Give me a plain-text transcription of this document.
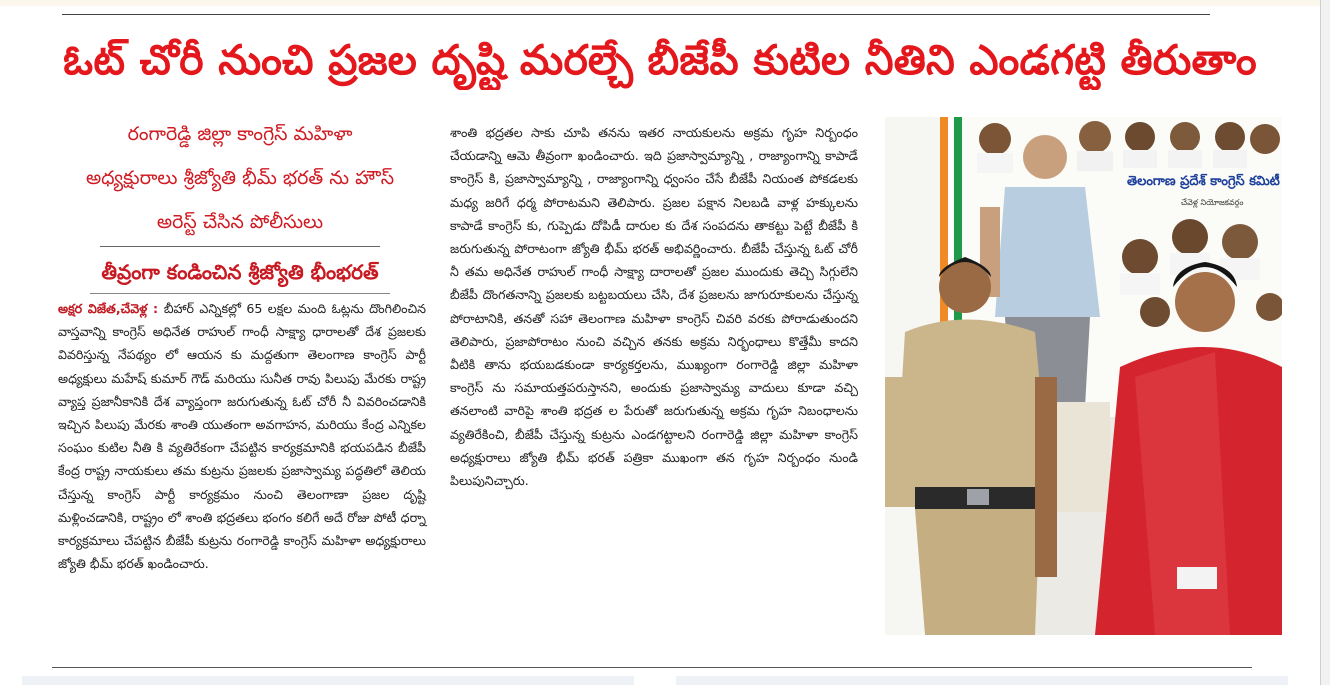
ఓట్ చోరీ నుంచి ప్రజల దృష్టి మరల్చే బీజేపీ కుటిల నీతిని ఎండగట్టి తీరుతాం
రంగారెడ్డి జిల్లా కాంగ్రెస్ మహిళా
అధ్యక్షురాలు శ్రీజ్యోతి భీమ్ భరత్ ను హౌస్
అరెస్ట్ చేసిన పోలీసులు
తీవ్రంగా కండించిన శ్రీజ్యోతి భీంభరత్

అక్షర విజేత,చేవెళ్ల : బీహార్ ఎన్నికల్లో 65 లక్షల మంది ఓట్లను దొంగిలించిన వాస్తవాన్ని కాంగ్రెస్ అధినేత రాహుల్ గాంధీ సాక్ష్యా ధారాలతో దేశ ప్రజలకు వివరిస్తున్న నేపథ్యం లో ఆయన కు మద్దతుగా తెలంగాణ కాంగ్రెస్ పార్టీ అధ్యక్షులు మహేష్ కుమార్ గౌడ్ మరియు సునీత రావు పిలుపు మేరకు రాష్ట్ర వ్యాప్త ప్రజానీకానికి దేశ వ్యాప్తంగా జరుగుతున్న ఓట్ చోరీ నీ వివరించడానికి ఇచ్చిన పిలుపు మేరకు శాంతి యుతంగా అవగాహన, మరియు కేంద్ర ఎన్నికల సంఘం కుటిల నీతి కి వ్యతిరేకంగా చేపట్టిన కార్యక్రమానికి భయపడిన బీజేపీ కేంద్ర రాష్ట్ర నాయకులు తమ కుట్రను ప్రజలకు ప్రజాస్వామ్య పద్ధతిలో తెలియ చేస్తున్న కాంగ్రెస్ పార్టీ కార్యక్రమం నుంచి తెలంగాణా ప్రజల దృష్టి మళ్లించడానికి, రాష్ట్రం లో శాంతి భద్రతలు భంగం కలిగే అదే రోజు పోటీ ధర్నా కార్యక్రమాలు చేపట్టిన బీజేపీ కుట్రను రంగారెడ్డి కాంగ్రెస్ మహిళా అధ్యక్షురాలు జ్యోతి భీమ్ భరత్ ఖండించారు.

శాంతి భద్రతల సాకు చూపి తనను ఇతర నాయకులను అక్రమ గృహ నిర్బంధం చేయడాన్ని ఆమె తీవ్రంగా ఖండించారు. ఇది ప్రజాస్వామ్యాన్ని , రాజ్యాంగాన్ని కాపాడే కాంగ్రెస్ కి, ప్రజాస్వామ్యాన్ని , రాజ్యాంగాన్ని ధ్వంసం చేసే బీజేపీ నియంత పోకడలకు మధ్య జరిగే ధర్మ పోరాటమని తెలిపారు. ప్రజల పక్షాన నిలబడి వాళ్ల హక్కులను కాపాడే కాంగ్రెస్ కు, గుప్పెడు దోపిడీ దారుల కు దేశ సంపదను తాకట్టు పెట్టే బీజేపీ కి జరుగుతున్న పోరాటంగా జ్యోతి భీమ్ భరత్ అభివర్ణించారు. బీజేపీ చేస్తున్న ఓట్ చోరీ నీ తమ అధినేత రాహుల్ గాంధీ సాక్ష్యా దారాలతో ప్రజల ముందుకు తెచ్చి సిగ్గులేని బీజేపీ దొంగతనాన్ని ప్రజలకు బట్టబయలు చేసి, దేశ ప్రజలను జాగురూకులను చేస్తున్న పోరాటానికి, తనతో సహా తెలంగాణ మహిళా కాంగ్రెస్ చివరి వరకు పోరాడుతుందని తెలిపారు, ప్రజాపోరాటం నుంచి వచ్చిన తనకు అక్రమ నిర్భంధాలు కొత్తేమీ కాదని వీటికి తాను భయబడకుండా కార్యకర్తలను, ముఖ్యంగా రంగారెడ్డి జిల్లా మహిళా కాంగ్రెస్ ను సమాయత్తపరుస్తానని, అందుకు ప్రజాస్వామ్య వాదులు కూడా వచ్చి తనలాంటి వారిపై శాంతి భద్రత ల పేరుతో జరుగుతున్న అక్రమ గృహ నిబంధాలను వ్యతిరేకించి, బీజేపీ చేస్తున్న కుట్రను ఎండగట్టాలని రంగారెడ్డి జిల్లా మహిళా కాంగ్రెస్ అధ్యక్షురాలు జ్యోతి భీమ్ భరత్ పత్రికా ముఖంగా తన గృహ నిర్బంధం నుండి పిలుపునిచ్చారు.

తెలంగాణ ప్రదేశ్ కాంగ్రెస్ కమిటీ
చేవెళ్ల నియోజకవర్గం
